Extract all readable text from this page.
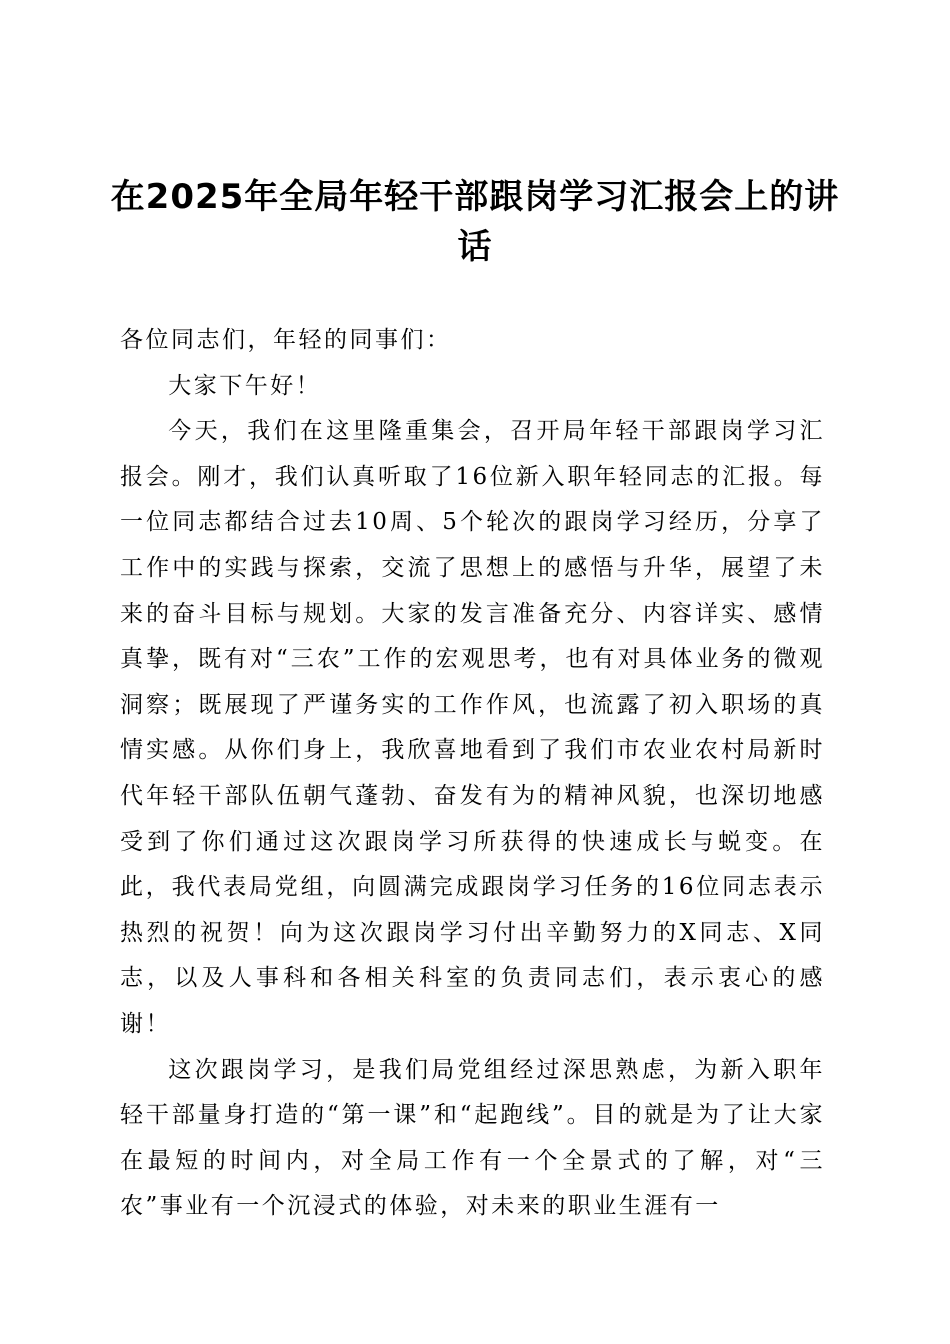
在2025年全局年轻干部跟岗学习汇报会上的讲话

各位同志们，年轻的同事们：

大家下午好！

今天，我们在这里隆重集会，召开局年轻干部跟岗学习汇报会。刚才，我们认真听取了16位新入职年轻同志的汇报。每一位同志都结合过去10周、5个轮次的跟岗学习经历，分享了工作中的实践与探索，交流了思想上的感悟与升华，展望了未来的奋斗目标与规划。大家的发言准备充分、内容详实、感情真挚，既有对“三农”工作的宏观思考，也有对具体业务的微观洞察；既展现了严谨务实的工作作风，也流露了初入职场的真情实感。从你们身上，我欣喜地看到了我们市农业农村局新时代年轻干部队伍朝气蓬勃、奋发有为的精神风貌，也深切地感受到了你们通过这次跟岗学习所获得的快速成长与蜕变。在此，我代表局党组，向圆满完成跟岗学习任务的16位同志表示热烈的祝贺！向为这次跟岗学习付出辛勤努力的X同志、X同志，以及人事科和各相关科室的负责同志们，表示衷心的感谢！

这次跟岗学习，是我们局党组经过深思熟虑，为新入职年轻干部量身打造的“第一课”和“起跑线”。目的就是为了让大家在最短的时间内，对全局工作有一个全景式的了解，对“三农”事业有一个沉浸式的体验，对未来的职业生涯有一
